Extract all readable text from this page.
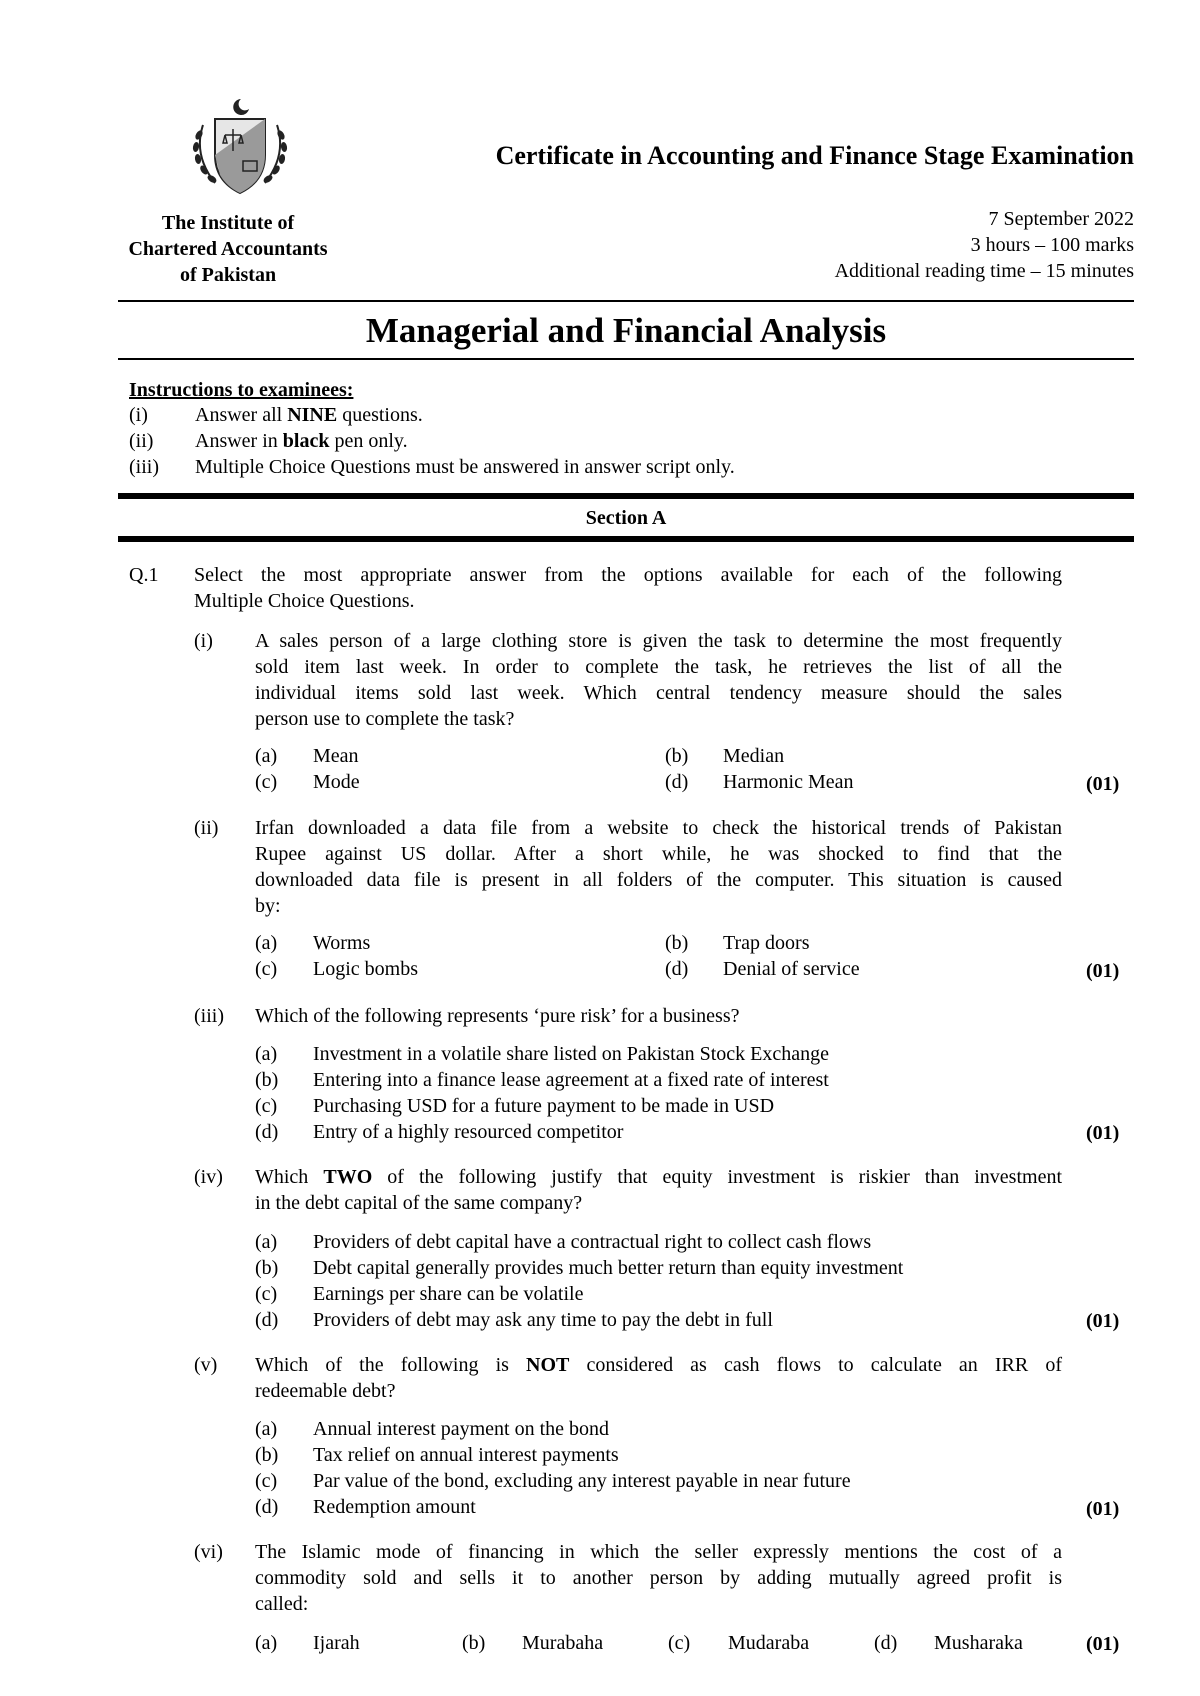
The Institute of
Chartered Accountants
of Pakistan
Certificate in Accounting and Finance Stage Examination
7 September 2022
3 hours – 100 marks
Additional reading time – 15 minutes
Managerial and Financial Analysis
Instructions to examinees:
(i) Answer all NINE questions.
(ii) Answer in black pen only.
(iii) Multiple Choice Questions must be answered in answer script only.
Section A
Q.1 Select the most appropriate answer from the options available for each of the following
Multiple Choice Questions.
(i) A sales person of a large clothing store is given the task to determine the most frequently
sold item last week. In order to complete the task, he retrieves the list of all the
individual items sold last week. Which central tendency measure should the sales
person use to complete the task?
(a) Mean	(b) Median
(c) Mode	(d) Harmonic Mean	(01)
(ii) Irfan downloaded a data file from a website to check the historical trends of Pakistan
Rupee against US dollar. After a short while, he was shocked to find that the
downloaded data file is present in all folders of the computer. This situation is caused
by:
(a) Worms	(b) Trap doors
(c) Logic bombs	(d) Denial of service	(01)
(iii) Which of the following represents ‘pure risk’ for a business?
(a) Investment in a volatile share listed on Pakistan Stock Exchange
(b) Entering into a finance lease agreement at a fixed rate of interest
(c) Purchasing USD for a future payment to be made in USD
(d) Entry of a highly resourced competitor	(01)
(iv) Which TWO of the following justify that equity investment is riskier than investment
in the debt capital of the same company?
(a) Providers of debt capital have a contractual right to collect cash flows
(b) Debt capital generally provides much better return than equity investment
(c) Earnings per share can be volatile
(d) Providers of debt may ask any time to pay the debt in full	(01)
(v) Which of the following is NOT considered as cash flows to calculate an IRR of
redeemable debt?
(a) Annual interest payment on the bond
(b) Tax relief on annual interest payments
(c) Par value of the bond, excluding any interest payable in near future
(d) Redemption amount	(01)
(vi) The Islamic mode of financing in which the seller expressly mentions the cost of a
commodity sold and sells it to another person by adding mutually agreed profit is
called:
(a) Ijarah	(b) Murabaha	(c) Mudaraba	(d) Musharaka	(01)
